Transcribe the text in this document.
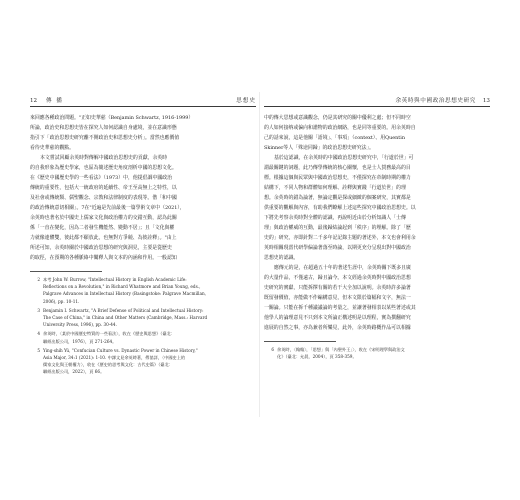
12 傳 播	思想史

來回應各種政治問題。"正如史華慈（Benjamin Schwartz, 1916-1999）
所論，政治史和思想史皆在探究人如何認識自身處境，並在意識形態
指引下「政治思想史研究離不開政治史和思想史分析」。當然也應價值
看待史華慈的觀點。

本文嘗試回顧余英時對傳解中國政治思想史的貢獻，余英時
的自我形象為歷史學家，也區為簡述歷史角度剖析中國的思想文化。
在《歷史中國歷史學的一些看法》（1973）中，他提倡調中國政治
傳統的重要性，包括大一統政府的延續性、帝王至高無上之特性，以
及社會或傳統類、儒聖觀念、宗教和法律制度的表現等。偕「和中國
的政治傳統意切相關」。7在"近遍是先前最後一篇學術文章中（2021），
余英時也著名於中國史上儒家文化與政治權力的交錯互動，認為此關
係「一直在變化，因為二者發生機能然、變動不居」；且「文化與權
力就像連體雙，彼此都不願放此，也無對方爭競、為彼詮釋」。"由上
所述可知，余英時關於中國政治思想的研究與洞見，主要是從歷史
的取徑，在預期的各種脈絡中闡釋人與文本的內涵和作用。一般認知

2 本考 John W. Burrow, "Intellectual History in English Academic Life:
Reflections on a Revolution," in Richard Whatmore and Brian Young, eds.,
Palgrave Advances in Intellectual History (Basingstoke: Palgrave Macmillan,
2006), pp. 10-11.
3 Benjamin I. Schwartz, "A Brief Defense of Political and Intellectual History:
The Case of China," in China and Other Matters (Cambridge, Mass.: Harvard
University Press, 1996), pp. 30-44.
4 余英時，〈某於中國歷史特質的一些看法〉，收在《歷史與思想》（臺北：
聯經出版公司，1976），頁 271-264。
5 Ying-shih Yü, "Confucian Culture vs. Dynastic Power in Chinese History,"
Asia Major, 34:1 (2021): 1-10. 中譯文見余英時著，傳協詳，〈中國史上的
儒家文化與王朝權力〉，收在《歷史的思考與文化：古代史篇》（臺北：
聯經出版公司，2022），頁 66。
余英時與中國政治思想史研究 13

中的傳大思想或意識觀念，仍是其研究的關中優利之處；但不同時空
的人如何接纳或偏向和諧物的政治網路，也是同等重要的。用余英時自
己的話來說，這是他關「語境」、「事項」（context）、用Quentin
Skinner等人「殊途同歸」的政治思想史研究法」。

基於這認識，在余英時的中國政治思想史研究中，「行道於世」可
謂最關鍵的詞題，此乃傳學傳統的核心關懷，也是士人賀務最高的目
標。根據這個與民眾與中國政治思想史，不僅探究在帝制時期的權力
結構下，不同人物和群體如何理解、詮釋與實踐「行道於世」的理
想。余英時的錯為論著，無論定觀是探或細緻的個案研究，其實都是
供重要的觀解與內容，有助我們瞭解上述這些探究中國政治思想史。以
下將先考察余英時對全體的認識，再說明近由於分析知識人「士傳
理」與政治權威的互動，最後歸結論起到「秩序」的埋解。除了「歷
史的」研究，亦即針對二千多年記記錄主題的著述外，本文也會利用余
英時相關現當代研學偏論著落至時論，以期更充分呈現出對中國政治
思想史的認識。

應傳元的是，在超過五十年的著述生涯中，余英時關下既多且廣
的大量作品，不僅遠古，歸且論今。本文經過余英時對中國政治思想
史研究的實獻，只能拆擇有關的若干大全加以說明。余英時許多論著
既留發價值，亦能做不作編構意見，但本文限於篇幅和文字，無法一
一關論。只能在拆千種議議論的考量之，並讓著發相表以某些著述或其
他學人的論理意見不只到本文所論正構述明是以理程，實為撰翻研究
進展的自然之事，亦為兼者所樂見，此外，余英時路概作品可以相據

6 余英時，〈翰翰〉，「思想」與「內聖外王」〉，收在《宋明理學與政治文
化》（臺北：允晨，2004），頁 358-359。
